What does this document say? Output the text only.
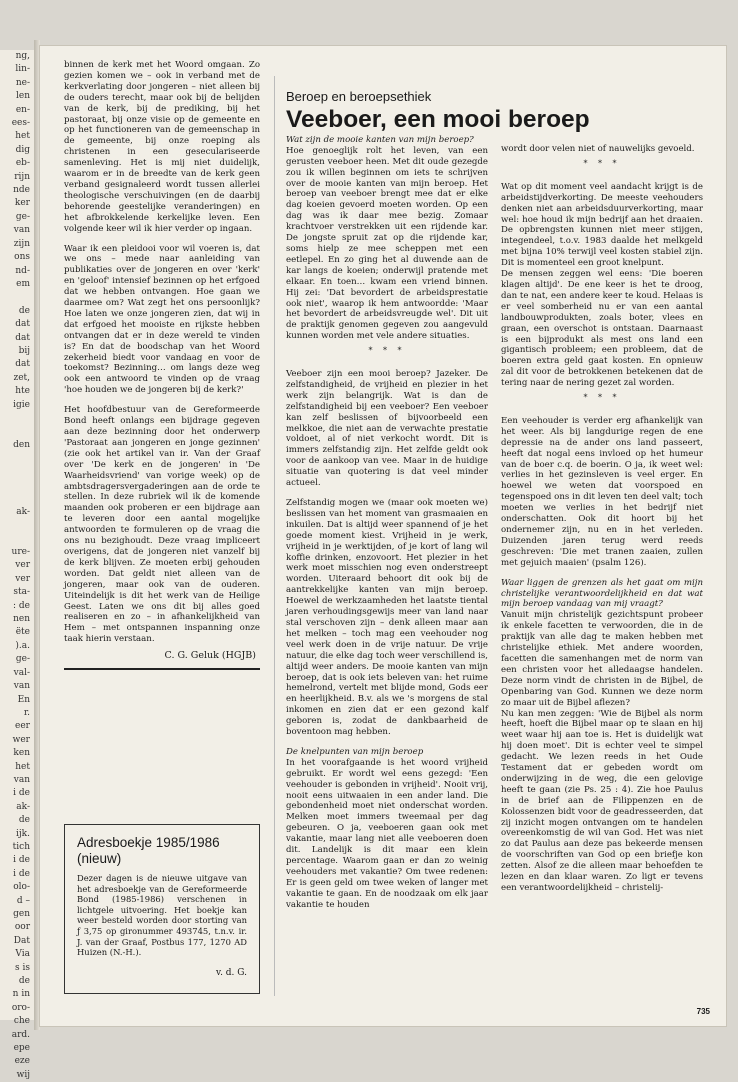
ng,
lin-
ne-
len
en-
ees-
het
dig
eb-
rijn
nde
ker
ge-
van
zijn
ons
nd-
em

de
dat
dat
bij
dat
zet,
hte
igie

den

ak-

ure-
ver
ver
sta-
: de
nen
ëte
).a.
ge-
val-
van
En
r.
eer
wer
ken
het
van
i de
ak-
de
ijk.
tich
i de
i de
olo-
d –
gen
oor
Dat
Via
s is
de
n in
oro-
che
ard.
epe
eze
wij

binnen de kerk met het Woord omgaan. Zo gezien komen we – ook in verband met de kerkverlating door jongeren – niet alleen bij de ouders terecht, maar ook bij de belijden van de kerk, bij de prediking, bij het pastoraat, bij onze visie op de gemeente en op het functioneren van de gemeenschap in de gemeente, bij onze roeping als christenen in een geseculariseerde samenleving. Het is mij niet duidelijk, waarom er in de breedte van de kerk geen verband gesignaleerd wordt tussen allerlei theologische verschuivingen (en de daarbij behorende geestelijke veranderingen) en het afbrokkelende kerkelijke leven. Een volgende keer wil ik hier verder op ingaan.

Waar ik een pleidooi voor wil voeren is, dat we ons – mede naar aanleiding van publikaties over de jongeren en over 'kerk' en 'geloof' intensief bezinnen op het erfgoed dat we hebben ontvangen. Hoe gaan we daarmee om? Wat zegt het ons persoonlijk? Hoe laten we onze jongeren zien, dat wij in dat erfgoed het mooiste en rijkste hebben ontvangen dat er in deze wereld te vinden is? En dat de boodschap van het Woord zekerheid biedt voor vandaag en voor de toekomst? Bezinning… om langs deze weg ook een antwoord te vinden op de vraag 'hoe houden we de jongeren bij de kerk?'

Het hoofdbestuur van de Gereformeerde Bond heeft onlangs een bijdrage gegeven aan deze bezinning door het onderwerp 'Pastoraat aan jongeren en jonge gezinnen' (zie ook het artikel van ir. Van der Graaf over 'De kerk en de jongeren' in 'De Waarheidsvriend' van vorige week) op de ambtsdragersvergaderingen aan de orde te stellen. In deze rubriek wil ik de komende maanden ook proberen er een bijdrage aan te leveren door een aantal mogelijke antwoorden te formuleren op de vraag die ons nu bezighoudt. Deze vraag impliceert overigens, dat de jongeren niet vanzelf bij de kerk blijven. Ze moeten erbij gehouden worden. Dat geldt niet alleen van de jongeren, maar ook van de ouderen. Uiteindelijk is dit het werk van de Heilige Geest. Laten we ons dit bij alles goed realiseren en zo – in afhankelijkheid van Hem – met ontspannen inspanning onze taak hierin verstaan.

C. G. Geluk (HGJB)
Adresboekje 1985/1986 (nieuw)
Dezer dagen is de nieuwe uitgave van het adresboekje van de Gereformeerde Bond (1985-1986) verschenen in lichtgele uitvoering. Het boekje kan weer besteld worden door storting van ƒ 3,75 op gironummer 493745, t.n.v. ir. J. van der Graaf, Postbus 177, 1270 AD Huizen (N.-H.).
v. d. G.
Beroep en beroepsethiek
Veeboer, een mooi beroep

Wat zijn de mooie kanten van mijn beroep?
Hoe genoeglijk rolt het leven, van een gerusten veeboer heen. Met dit oude gezegde zou ik willen beginnen om iets te schrijven over de mooie kanten van mijn beroep. Het beroep van veeboer brengt mee dat er elke dag koeien gevoerd moeten worden. Op een dag was ik daar mee bezig. Zomaar krachtvoer verstrekken uit een rijdende kar. De jongste spruit zat op die rijdende kar, soms hielp ze mee scheppen met een eetlepel. En zo ging het al duwende aan de kar langs de koeien; onderwijl pratende met elkaar. En toen… kwam een vriend binnen. Hij zei: 'Dat bevordert de arbeidsprestatie ook niet', waarop ik hem antwoordde: 'Maar het bevordert de arbeidsvreugde wel'. Dit uit de praktijk genomen gegeven zou aangevuld kunnen worden met vele andere situaties.

* * *

Veeboer zijn een mooi beroep? Jazeker. De zelfstandigheid, de vrijheid en plezier in het werk zijn belangrijk. Wat is dan de zelfstandigheid bij een veeboer? Een veeboer kan zelf beslissen of bijvoorbeeld een melkkoe, die niet aan de verwachte prestatie voldoet, al of niet verkocht wordt. Dit is immers zelfstandig zijn. Het zelfde geldt ook voor de aankoop van vee. Maar in de huidige situatie van quotering is dat veel minder actueel.

Zelfstandig mogen we (maar ook moeten we) beslissen van het moment van grasmaaien en inkuilen. Dat is altijd weer spannend of je het goede moment kiest. Vrijheid in je werk, vrijheid in je werktijden, of je kort of lang wil koffie drinken, enzovoort. Het plezier in het werk moet misschien nog even onderstreept worden. Uiteraard behoort dit ook bij de aantrekkelijke kanten van mijn beroep. Hoewel de werkzaamheden het laatste tiental jaren verhoudingsgewijs meer van land naar stal verschoven zijn – denk alleen maar aan het melken – toch mag een veehouder nog veel werk doen in de vrije natuur. De vrije natuur, die elke dag toch weer verschillend is, altijd weer anders. De mooie kanten van mijn beroep, dat is ook iets beleven van: het ruime hemelrond, vertelt met blijde mond, Gods eer en heerlijkheid. B.v. als we 's morgens de stal inkomen en zien dat er een gezond kalf geboren is, zodat de dankbaarheid de boventoon mag hebben.

De knelpunten van mijn beroep
In het voorafgaande is het woord vrijheid gebruikt. Er wordt wel eens gezegd: 'Een veehouder is gebonden in vrijheid'. Nooit vrij, nooit eens uitwaaien in een ander land. Die gebondenheid moet niet onderschat worden. Melken moet immers tweemaal per dag gebeuren. O ja, veeboeren gaan ook met vakantie, maar lang niet alle veeboeren doen dit. Landelijk is dit maar een klein percentage. Waarom gaan er dan zo weinig veehouders met vakantie? Om twee redenen: Er is geen geld om twee weken of langer met vakantie te gaan. En de noodzaak om elk jaar vakantie te houden

wordt door velen niet of nauwelijks gevoeld.

* * *

Wat op dit moment veel aandacht krijgt is de arbeidstijdverkorting. De meeste veehouders denken niet aan arbeidsduurverkorting, maar wel: hoe houd ik mijn bedrijf aan het draaien. De opbrengsten kunnen niet meer stijgen, integendeel, t.o.v. 1983 daalde het melkgeld met bijna 10% terwijl veel kosten stabiel zijn. Dit is momenteel een groot knelpunt.

De mensen zeggen wel eens: 'Die boeren klagen altijd'. De ene keer is het te droog, dan te nat, een andere keer te koud. Helaas is er veel somberheid nu er van een aantal landbouwprodukten, zoals boter, vlees en graan, een overschot is ontstaan. Daarnaast is een bijprodukt als mest ons land een gigantisch probleem; een probleem, dat de boeren extra geld gaat kosten. En opnieuw zal dit voor de betrokkenen betekenen dat de tering naar de nering gezet zal worden.

* * *

Een veehouder is verder erg afhankelijk van het weer. Als bij langdurige regen de ene depressie na de ander ons land passeert, heeft dat nogal eens invloed op het humeur van de boer c.q. de boerin. O ja, ik weet wel: verlies in het gezinsleven is veel erger. En hoewel we weten dat voorspoed en tegenspoed ons in dit leven ten deel valt; toch moeten we verlies in het bedrijf niet onderschatten. Ook dit hoort bij het ondernemer zijn, nu en in het verleden. Duizenden jaren terug werd reeds geschreven: 'Die met tranen zaaien, zullen met gejuich maaien' (psalm 126).

Waar liggen de grenzen als het gaat om mijn christelijke verantwoordelijkheid en dat wat mijn beroep vandaag van mij vraagt?
Vanuit mijn christelijk gezichtspunt probeer ik enkele facetten te verwoorden, die in de praktijk van alle dag te maken hebben met christelijke ethiek. Met andere woorden, facetten die samenhangen met de norm van een christen voor het alledaagse handelen. Deze norm vindt de christen in de Bijbel, de Openbaring van God. Kunnen we deze norm zo maar uit de Bijbel aflezen?

Nu kan men zeggen: 'Wie de Bijbel als norm heeft, hoeft die Bijbel maar op te slaan en hij weet waar hij aan toe is. Het is duidelijk wat hij doen moet'. Dit is echter veel te simpel gedacht. We lezen reeds in het Oude Testament dat er gebeden wordt om onderwijzing in de weg, die een gelovige heeft te gaan (zie Ps. 25 : 4). Zie hoe Paulus in de brief aan de Filippenzen en de Kolossenzen bidt voor de geadresseerden, dat zij inzicht mogen ontvangen om te handelen overeenkomstig de wil van God. Het was niet zo dat Paulus aan deze pas bekeerde mensen de voorschriften van God op een briefje kon zetten. Alsof ze die alleen maar behoefden te lezen en dan klaar waren. Zo ligt er tevens een verantwoordelijkheid – christelij-

735
